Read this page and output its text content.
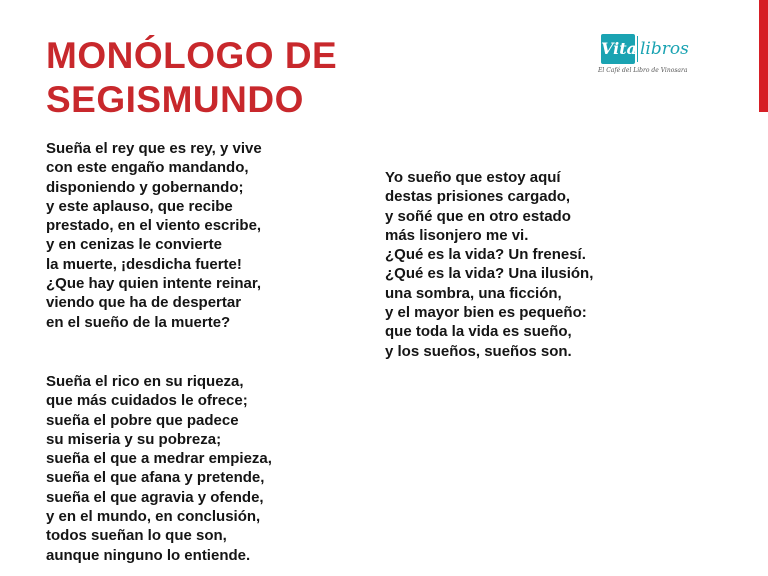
MONÓLOGO DE
SEGISMUNDO
Vita libros
El Café del Libro de Vinosara

Sueña el rey que es rey, y vive
con este engaño mandando,
disponiendo y gobernando;
y este aplauso, que recibe
prestado, en el viento escribe,
y en cenizas le convierte
la muerte, ¡desdicha fuerte!
¿Que hay quien intente reinar,
viendo que ha de despertar
en el sueño de la muerte?

Sueña el rico en su riqueza,
que más cuidados le ofrece;
sueña el pobre que padece
su miseria y su pobreza;
sueña el que a medrar empieza,
sueña el que afana y pretende,
sueña el que agravia y ofende,
y en el mundo, en conclusión,
todos sueñan lo que son,
aunque ninguno lo entiende.

Yo sueño que estoy aquí
destas prisiones cargado,
y soñé que en otro estado
más lisonjero me vi.
¿Qué es la vida? Un frenesí.
¿Qué es la vida? Una ilusión,
una sombra, una ficción,
y el mayor bien es pequeño:
que toda la vida es sueño,
y los sueños, sueños son.
